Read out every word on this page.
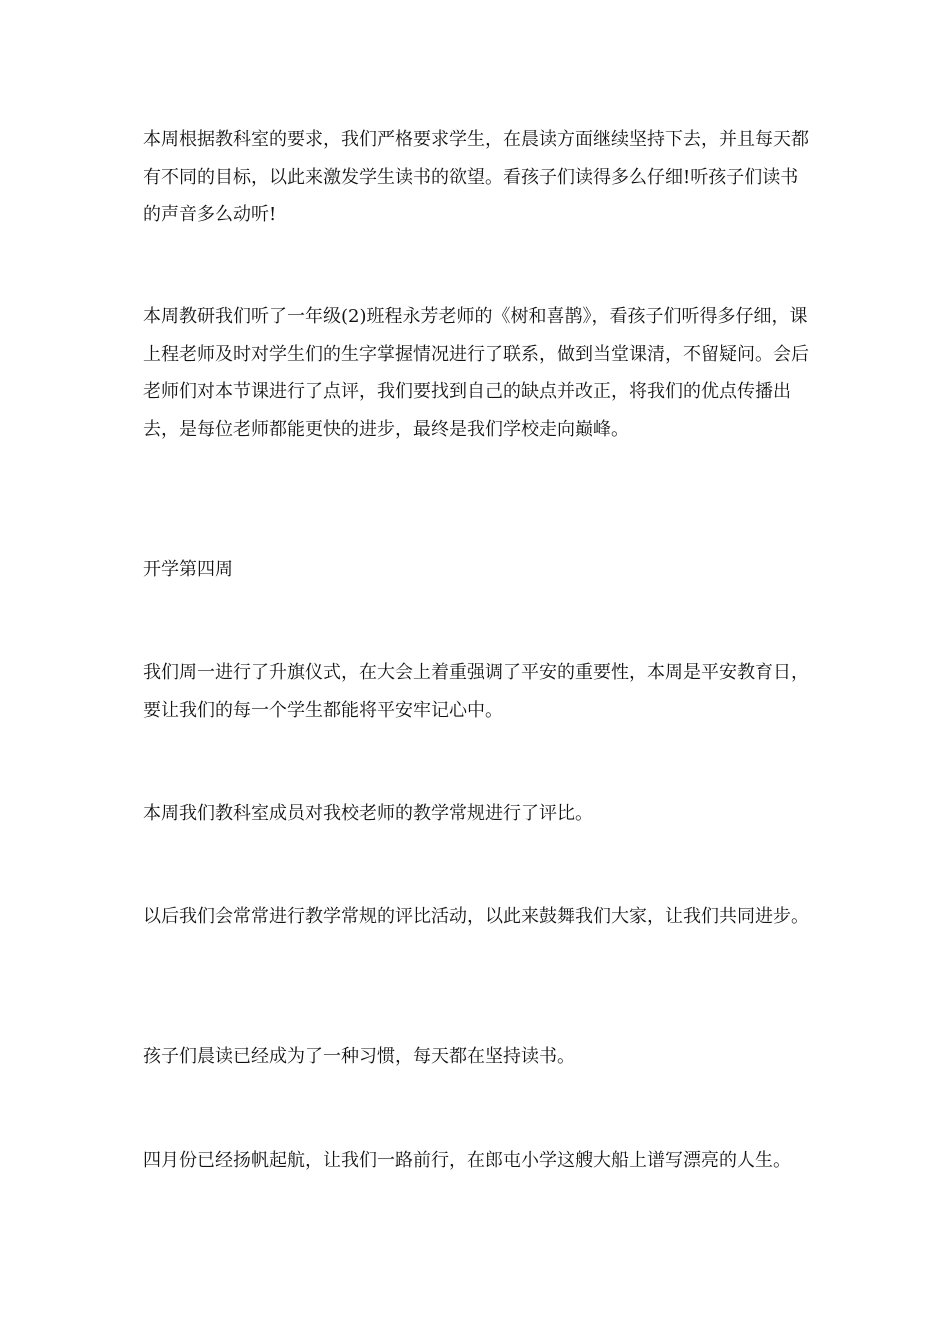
本周根据教科室的要求，我们严格要求学生，在晨读方面继续坚持下去，并且每天都有不同的目标，以此来激发学生读书的欲望。看孩子们读得多么仔细!听孩子们读书的声音多么动听!

本周教研我们听了一年级(2)班程永芳老师的《树和喜鹊》，看孩子们听得多仔细，课上程老师及时对学生们的生字掌握情况进行了联系，做到当堂课清，不留疑问。会后老师们对本节课进行了点评，我们要找到自己的缺点并改正，将我们的优点传播出去，是每位老师都能更快的进步，最终是我们学校走向巅峰。

开学第四周

我们周一进行了升旗仪式，在大会上着重强调了平安的重要性，本周是平安教育日，要让我们的每一个学生都能将平安牢记心中。

本周我们教科室成员对我校老师的教学常规进行了评比。

以后我们会常常进行教学常规的评比活动，以此来鼓舞我们大家，让我们共同进步。

孩子们晨读已经成为了一种习惯，每天都在坚持读书。

四月份已经扬帆起航，让我们一路前行，在郎屯小学这艘大船上谱写漂亮的人生。
